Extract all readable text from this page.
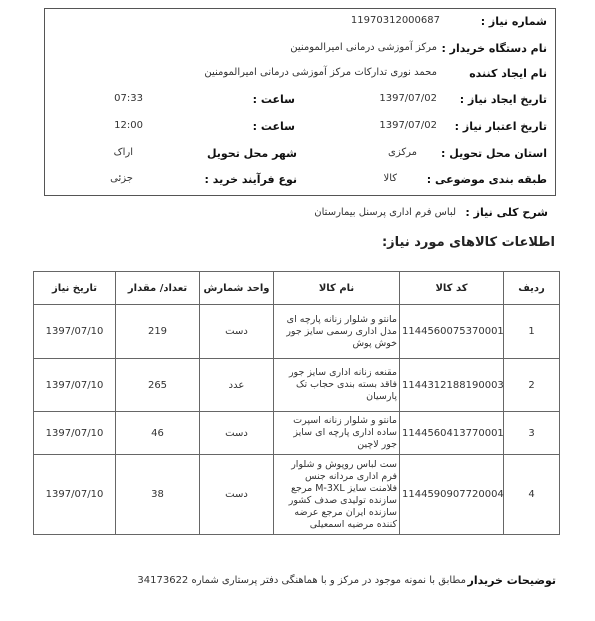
شماره نیاز :
11970312000687
نام دستگاه خریدار :
مرکز آموزشی درمانی امیرالمومنین
نام ایجاد کننده
محمد نوری تدارکات مرکز آموزشی درمانی امیرالمومنین
تاریخ ایجاد نیاز :
1397/07/02
ساعت :
07:33
تاریخ اعتبار نیاز :
1397/07/02
ساعت :
12:00
استان محل تحویل :
مرکزی
شهر محل تحویل
اراک
طبقه بندی موضوعی :
کالا
نوع فرآیند خرید :
جزئی
شرح کلی نیاز :
لباس فرم اداری پرسنل بیمارستان
اطلاعات کالاهای مورد نیاز:
ردیف	کد کالا	نام کالا	واحد شمارش	تعداد/ مقدار	تاریخ نیاز
1	1144560075370001	مانتو و شلوار زنانه پارچه ای مدل اداری رسمی سایز جور خوش پوش	دست	219	1397/07/10
2	1144312188190003	مقنعه زنانه اداری سایز جور فاقد بسته بندی حجاب تک پارسیان	عدد	265	1397/07/10
3	1144560413770001	مانتو و شلوار زنانه اسپرت ساده اداری پارچه ای سایز جور لاچین	دست	46	1397/07/10
4	1144590907720004	ست لباس روپوش و شلوار فرم اداری مردانه جنس فلامنت سایز M-3XL مرجع سازنده تولیدی صدف کشور سازنده ایران مرجع عرضه کننده مرضیه اسمعیلی	دست	38	1397/07/10
توضیحات خریدار
مطابق با نمونه موجود در مرکز و با هماهنگی دفتر پرستاری شماره 34173622
